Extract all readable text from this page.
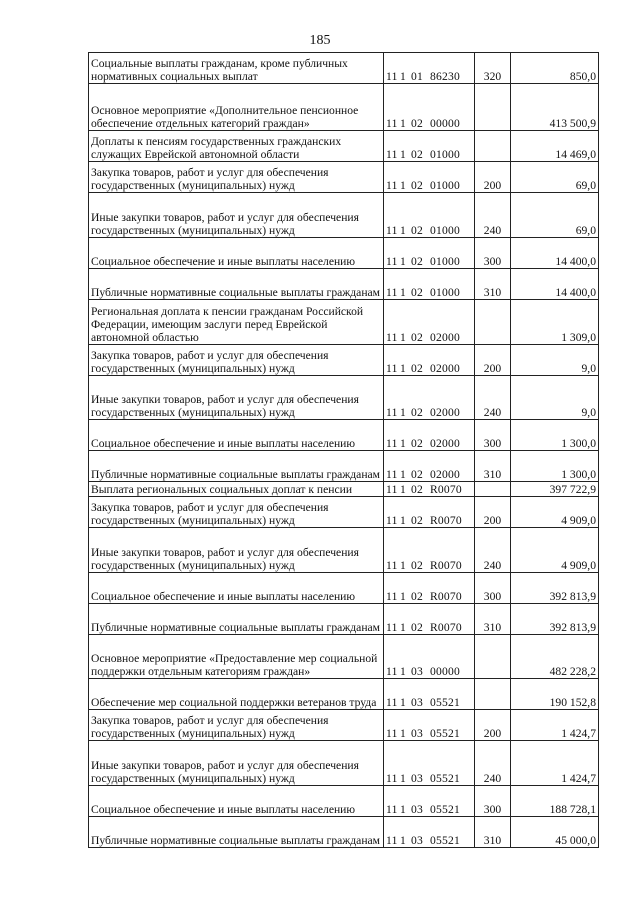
185
Социальные выплаты гражданам, кроме публичных нормативных социальных выплат	11 1 01 86230	320	850,0
Основное мероприятие «Дополнительное пенсионное обеспечение отдельных категорий граждан»	11 1 02 00000		413 500,9
Доплаты к пенсиям государственных гражданских служащих Еврейской автономной области	11 1 02 01000		14 469,0
Закупка товаров, работ и услуг для обеспечения государственных (муниципальных) нужд	11 1 02 01000	200	69,0
Иные закупки товаров, работ и услуг для обеспечения государственных (муниципальных) нужд	11 1 02 01000	240	69,0
Социальное обеспечение и иные выплаты населению	11 1 02 01000	300	14 400,0
Публичные нормативные социальные выплаты гражданам	11 1 02 01000	310	14 400,0
Региональная доплата к пенсии гражданам Российской Федерации, имеющим заслуги перед Еврейской автономной областью	11 1 02 02000		1 309,0
Закупка товаров, работ и услуг для обеспечения государственных (муниципальных) нужд	11 1 02 02000	200	9,0
Иные закупки товаров, работ и услуг для обеспечения государственных (муниципальных) нужд	11 1 02 02000	240	9,0
Социальное обеспечение и иные выплаты населению	11 1 02 02000	300	1 300,0
Публичные нормативные социальные выплаты гражданам	11 1 02 02000	310	1 300,0
Выплата региональных социальных доплат к пенсии	11 1 02 R0070		397 722,9
Закупка товаров, работ и услуг для обеспечения государственных (муниципальных) нужд	11 1 02 R0070	200	4 909,0
Иные закупки товаров, работ и услуг для обеспечения государственных (муниципальных) нужд	11 1 02 R0070	240	4 909,0
Социальное обеспечение и иные выплаты населению	11 1 02 R0070	300	392 813,9
Публичные нормативные социальные выплаты гражданам	11 1 02 R0070	310	392 813,9
Основное мероприятие «Предоставление мер социальной поддержки отдельным категориям граждан»	11 1 03 00000		482 228,2
Обеспечение мер социальной поддержки ветеранов труда	11 1 03 05521		190 152,8
Закупка товаров, работ и услуг для обеспечения государственных (муниципальных) нужд	11 1 03 05521	200	1 424,7
Иные закупки товаров, работ и услуг для обеспечения государственных (муниципальных) нужд	11 1 03 05521	240	1 424,7
Социальное обеспечение и иные выплаты населению	11 1 03 05521	300	188 728,1
Публичные нормативные социальные выплаты гражданам	11 1 03 05521	310	45 000,0
